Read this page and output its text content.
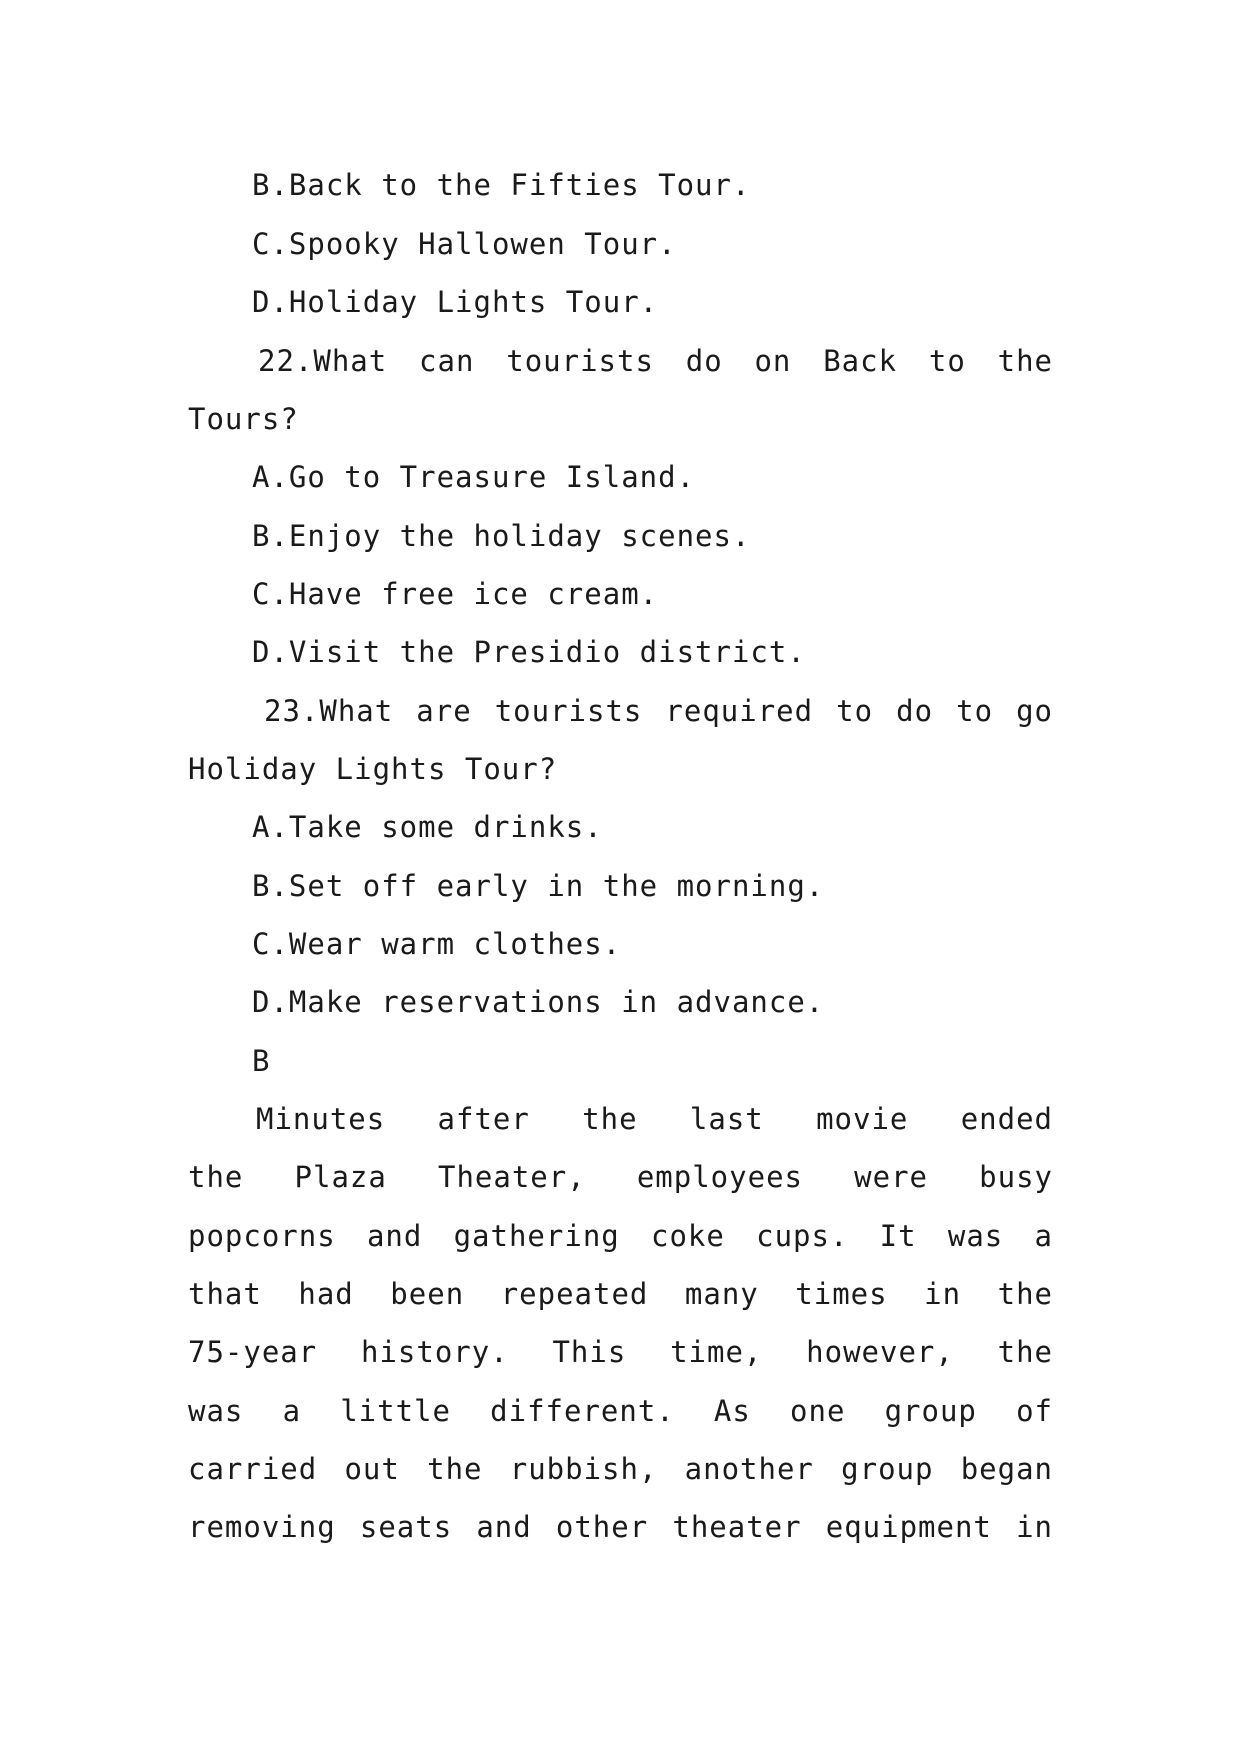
B.Back to the Fifties Tour.
C.Spooky Hallowen Tour.
D.Holiday Lights Tour.
22.What can tourists do on Back to the
Tours?
A.Go to Treasure Island.
B.Enjoy the holiday scenes.
C.Have free ice cream.
D.Visit the Presidio district.
23.What are tourists required to do to go
Holiday Lights Tour?
A.Take some drinks.
B.Set off early in the morning.
C.Wear warm clothes.
D.Make reservations in advance.
B
Minutes after the last movie ended
the Plaza Theater, employees were busy
popcorns and gathering coke cups. It was a
that had been repeated many times in the
75-year history. This time, however, the
was a little different. As one group of
carried out the rubbish, another group began
removing seats and other theater equipment in
